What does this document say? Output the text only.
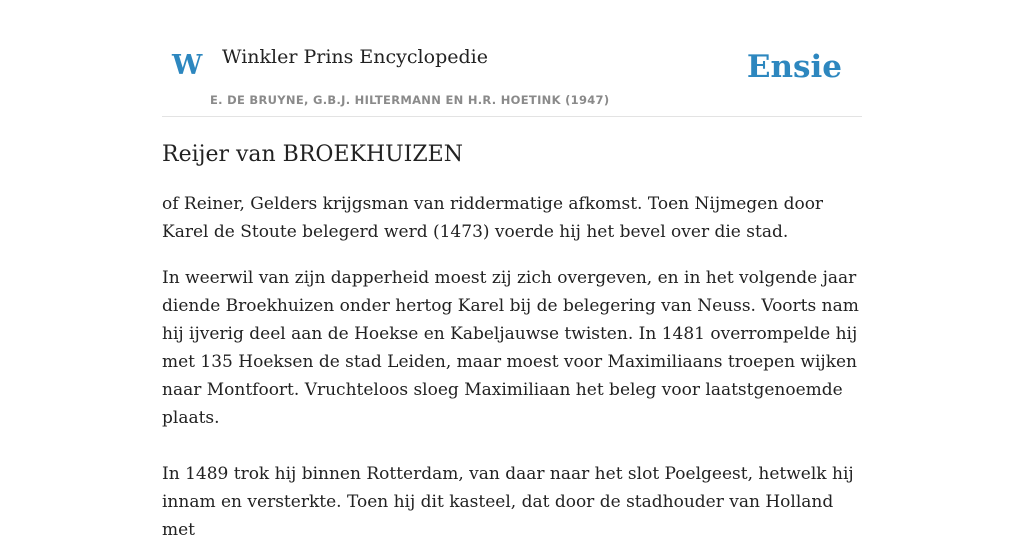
W Winkler Prins Encyclopedie
E. DE BRUYNE, G.B.J. HILTERMANN EN H.R. HOETINK (1947)
Ensie
Reijer van BROEKHUIZEN

of Reiner, Gelders krijgsman van riddermatige afkomst. Toen Nijmegen door Karel de Stoute belegerd werd (1473) voerde hij het bevel over die stad.

In weerwil van zijn dapperheid moest zij zich overgeven, en in het volgende jaar diende Broekhuizen onder hertog Karel bij de belegering van Neuss. Voorts nam hij ijverig deel aan de Hoekse en Kabeljauwse twisten. In 1481 overrompelde hij met 135 Hoeksen de stad Leiden, maar moest voor Maximiliaans troepen wijken naar Montfoort. Vruchteloos sloeg Maximiliaan het beleg voor laatstgenoemde plaats.

In 1489 trok hij binnen Rotterdam, van daar naar het slot Poelgeest, hetwelk hij innam en versterkte. Toen hij dit kasteel, dat door de stadhouder van Holland met
